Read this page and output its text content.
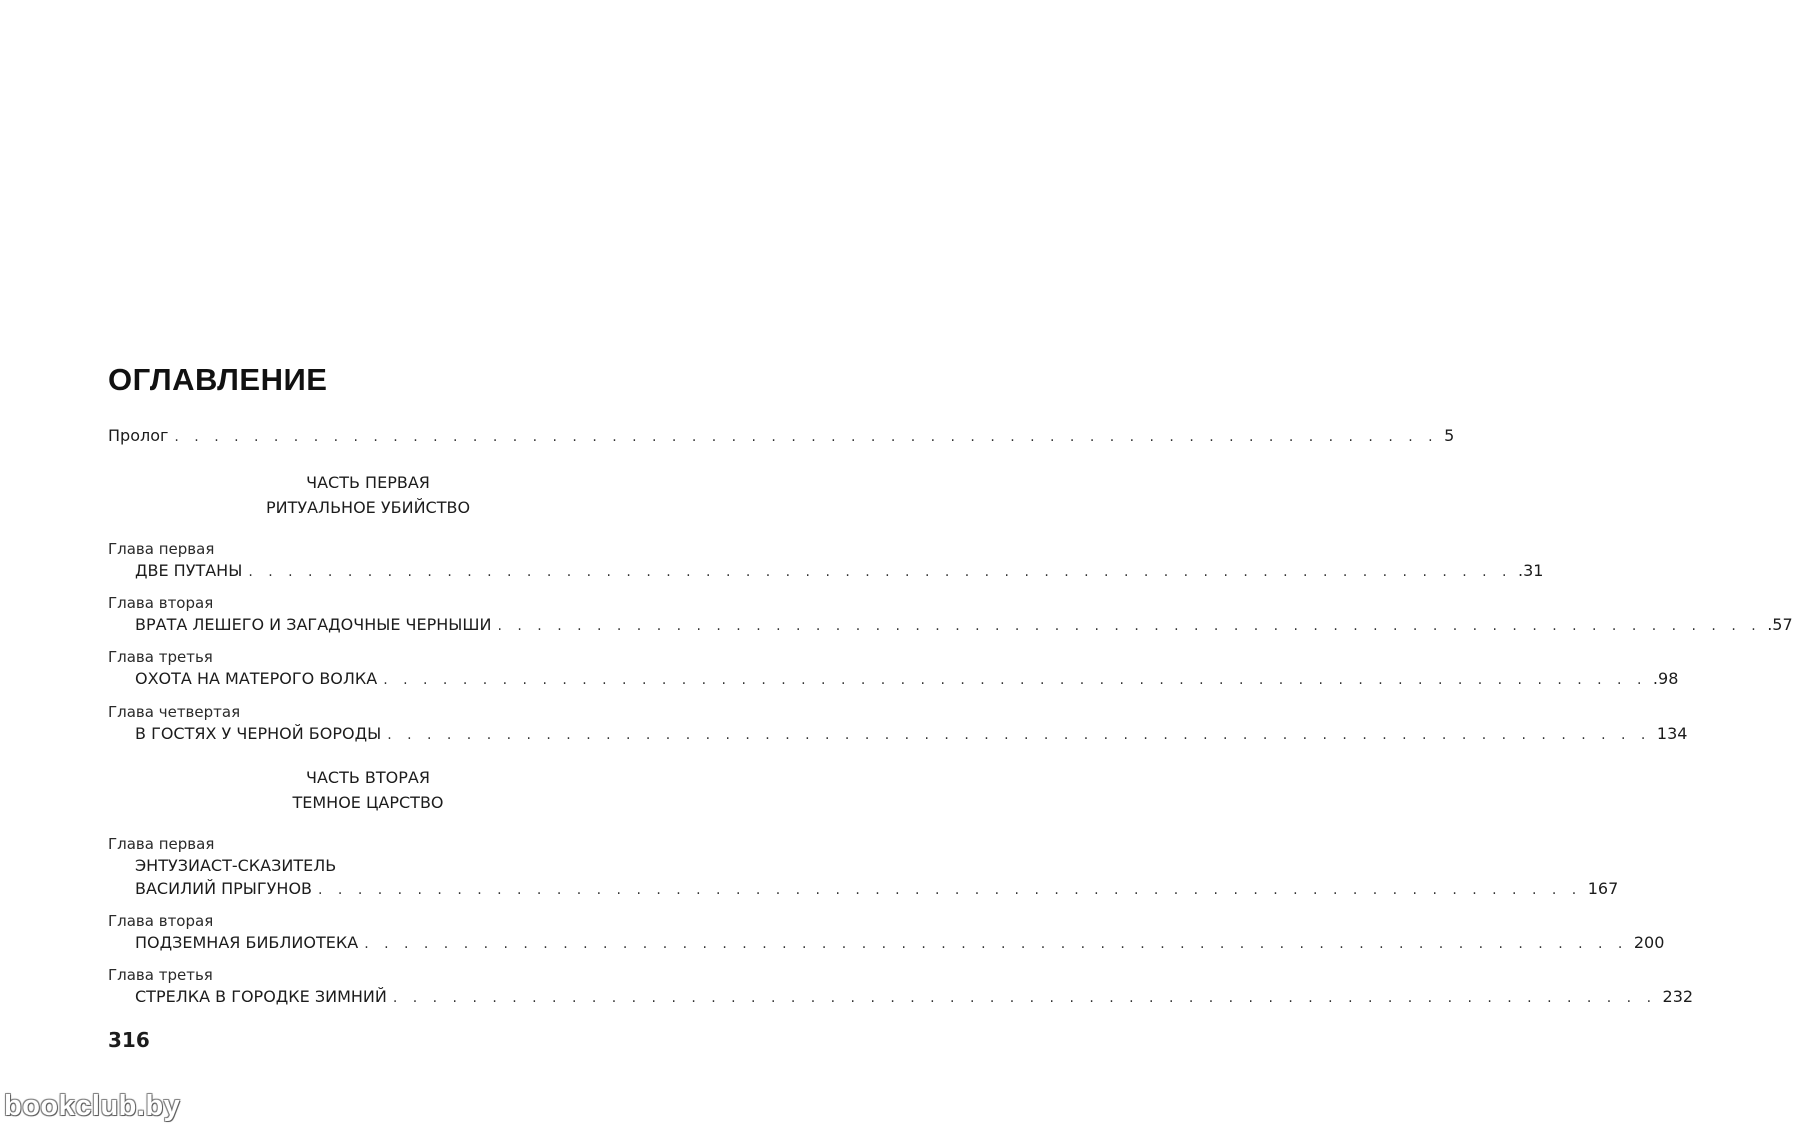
ОГЛАВЛЕНИЕ
Пролог . . . . . . . . . . . . . . . . . . . . . . . . . . . . . . . . . . . . . . . . . . . . . . . . . . . . . . . . . . . . . . . . 5
ЧАСТЬ ПЕРВАЯ
РИТУАЛЬНОЕ УБИЙСТВО
Глава первая
ДВЕ ПУТАНЫ . . . . . . . . . . . . . . . . . . . . . . . . . . . . . . . . . . . . . . . . . . . . . . . . . . . . . . . . . . . . . . . . .31
Глава вторая
ВРАТА ЛЕШЕГО И ЗАГАДОЧНЫЕ ЧЕРНЫШИ . . . . . . . . . . . . . . . . . . . . . . . . . . . . . . . . . . . . . . . . . . . . . . . . . . . . . . . . . . . . . . . . .57
Глава третья
ОХОТА НА МАТЕРОГО ВОЛКА . . . . . . . . . . . . . . . . . . . . . . . . . . . . . . . . . . . . . . . . . . . . . . . . . . . . . . . . . . . . . . . . .98
Глава четвертая
В ГОСТЯХ У ЧЕРНОЙ БОРОДЫ . . . . . . . . . . . . . . . . . . . . . . . . . . . . . . . . . . . . . . . . . . . . . . . . . . . . . . . . . . . . . . . . 134
ЧАСТЬ ВТОРАЯ
ТЕМНОЕ ЦАРСТВО
Глава первая
ЭНТУЗИАСТ-СКАЗИТЕЛЬ
ВАСИЛИЙ ПРЫГУНОВ . . . . . . . . . . . . . . . . . . . . . . . . . . . . . . . . . . . . . . . . . . . . . . . . . . . . . . . . . . . . . . . . 167
Глава вторая
ПОДЗЕМНАЯ БИБЛИОТЕКА . . . . . . . . . . . . . . . . . . . . . . . . . . . . . . . . . . . . . . . . . . . . . . . . . . . . . . . . . . . . . . . . 200
Глава третья
СТРЕЛКА В ГОРОДКЕ ЗИМНИЙ . . . . . . . . . . . . . . . . . . . . . . . . . . . . . . . . . . . . . . . . . . . . . . . . . . . . . . . . . . . . . . . . 232

316

bookclub.by
